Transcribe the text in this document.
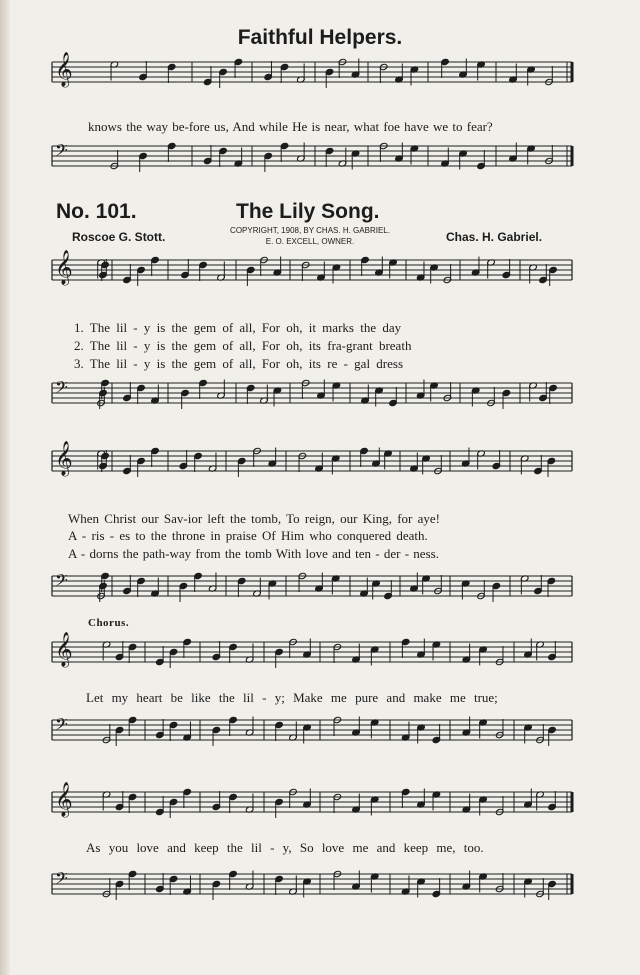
𝄞
𝄢
𝄞
𝄢
𝄞
𝄢
𝄞
𝄢
𝄞
𝄢
Faithful Helpers.
knows the way be-fore us, And while He is near, what foe have we to fear?
No. 101.	The Lily Song.
Roscoe G. Stott.	COPYRIGHT, 1908, BY CHAS. H. GABRIEL.
E. O. EXCELL, OWNER.	Chas. H. Gabriel.
1. The lil - y is the gem of all, For oh, it marks the day
2. The lil - y is the gem of all, For oh, its fra-grant breath
3. The lil - y is the gem of all, For oh, its re - gal dress
When Christ our Sav-ior left the tomb, To reign, our King, for aye!
A - ris - es to the throne in praise Of Him who conquered death.
A - dorns the path-way from the tomb With love and ten - der - ness.
Chorus.
Let my heart be like the lil - y; Make me pure and make me true;
As you love and keep the lil - y, So love me and keep me, too.
